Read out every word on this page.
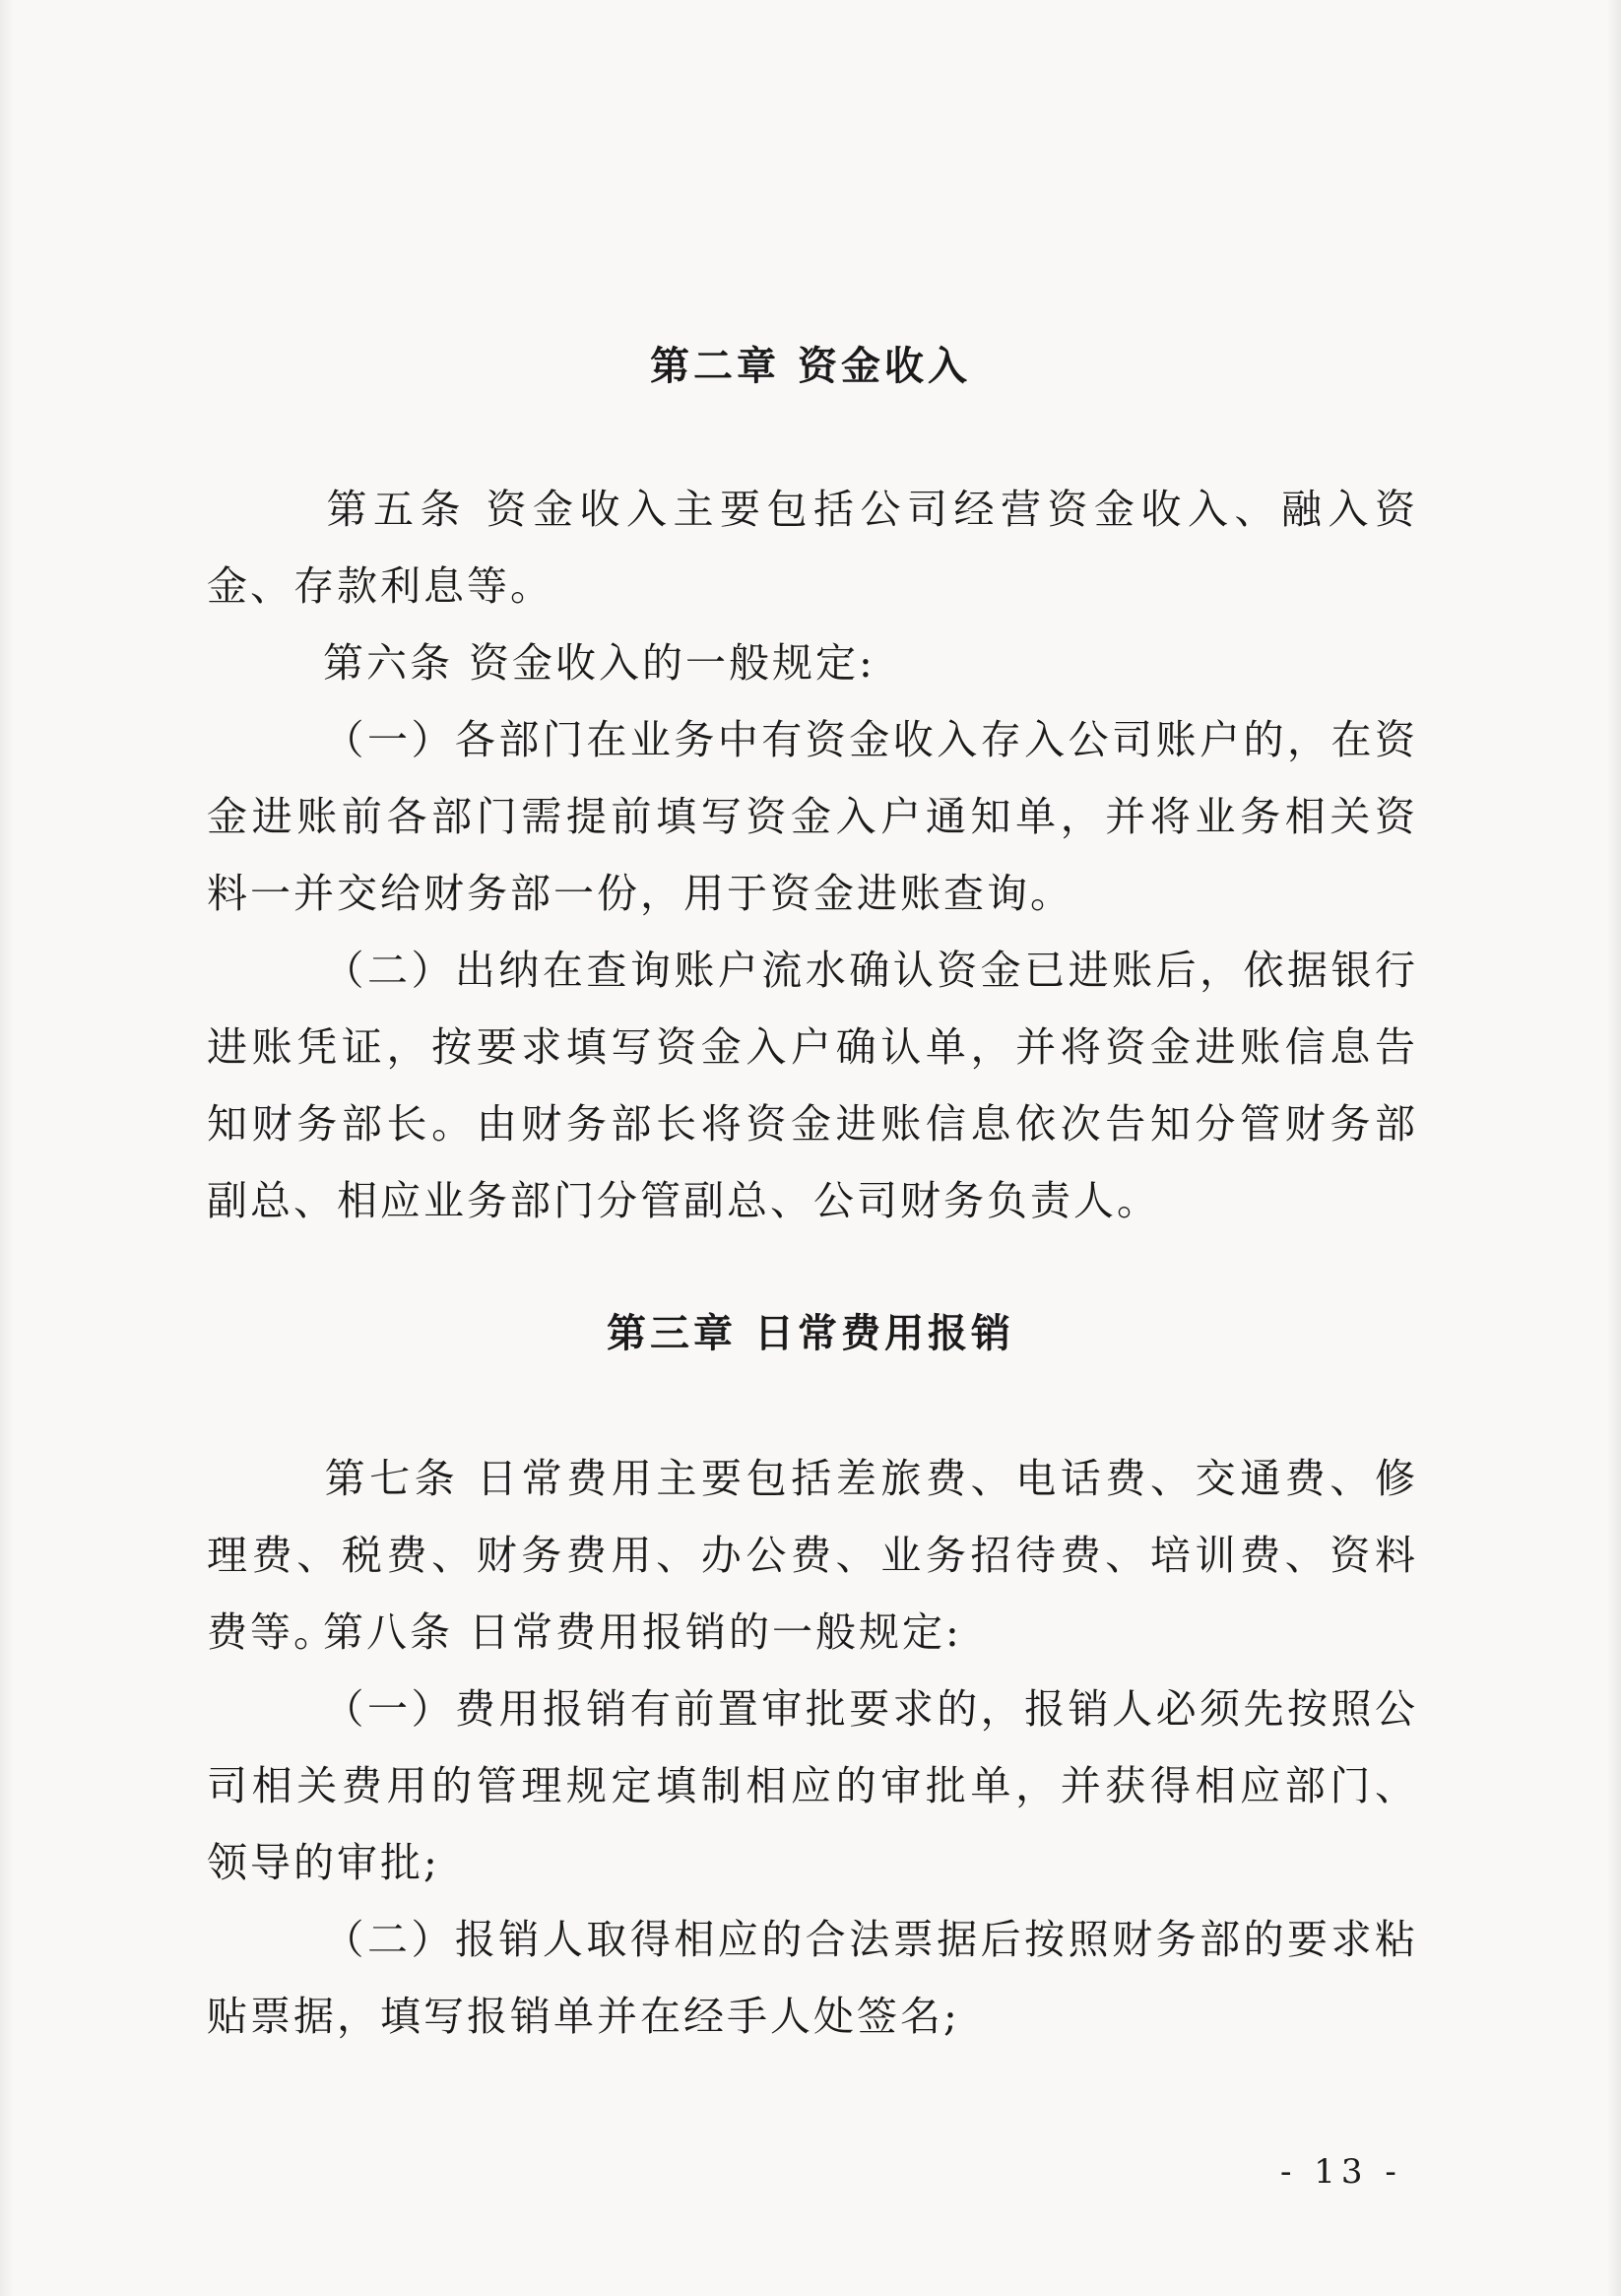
第二章 资金收入

第五条 资金收入主要包括公司经营资金收入、融入资金、存款利息等。

第六条 资金收入的一般规定:

（一）各部门在业务中有资金收入存入公司账户的，在资金进账前各部门需提前填写资金入户通知单，并将业务相关资料一并交给财务部一份，用于资金进账查询。

（二）出纳在查询账户流水确认资金已进账后，依据银行进账凭证，按要求填写资金入户确认单，并将资金进账信息告知财务部长。由财务部长将资金进账信息依次告知分管财务部副总、相应业务部门分管副总、公司财务负责人。

第三章 日常费用报销

第七条 日常费用主要包括差旅费、电话费、交通费、修理费、税费、财务费用、办公费、业务招待费、培训费、资料费等。

第八条 日常费用报销的一般规定:

（一）费用报销有前置审批要求的，报销人必须先按照公司相关费用的管理规定填制相应的审批单，并获得相应部门、领导的审批;

（二）报销人取得相应的合法票据后按照财务部的要求粘贴票据，填写报销单并在经手人处签名;

- 13 -
